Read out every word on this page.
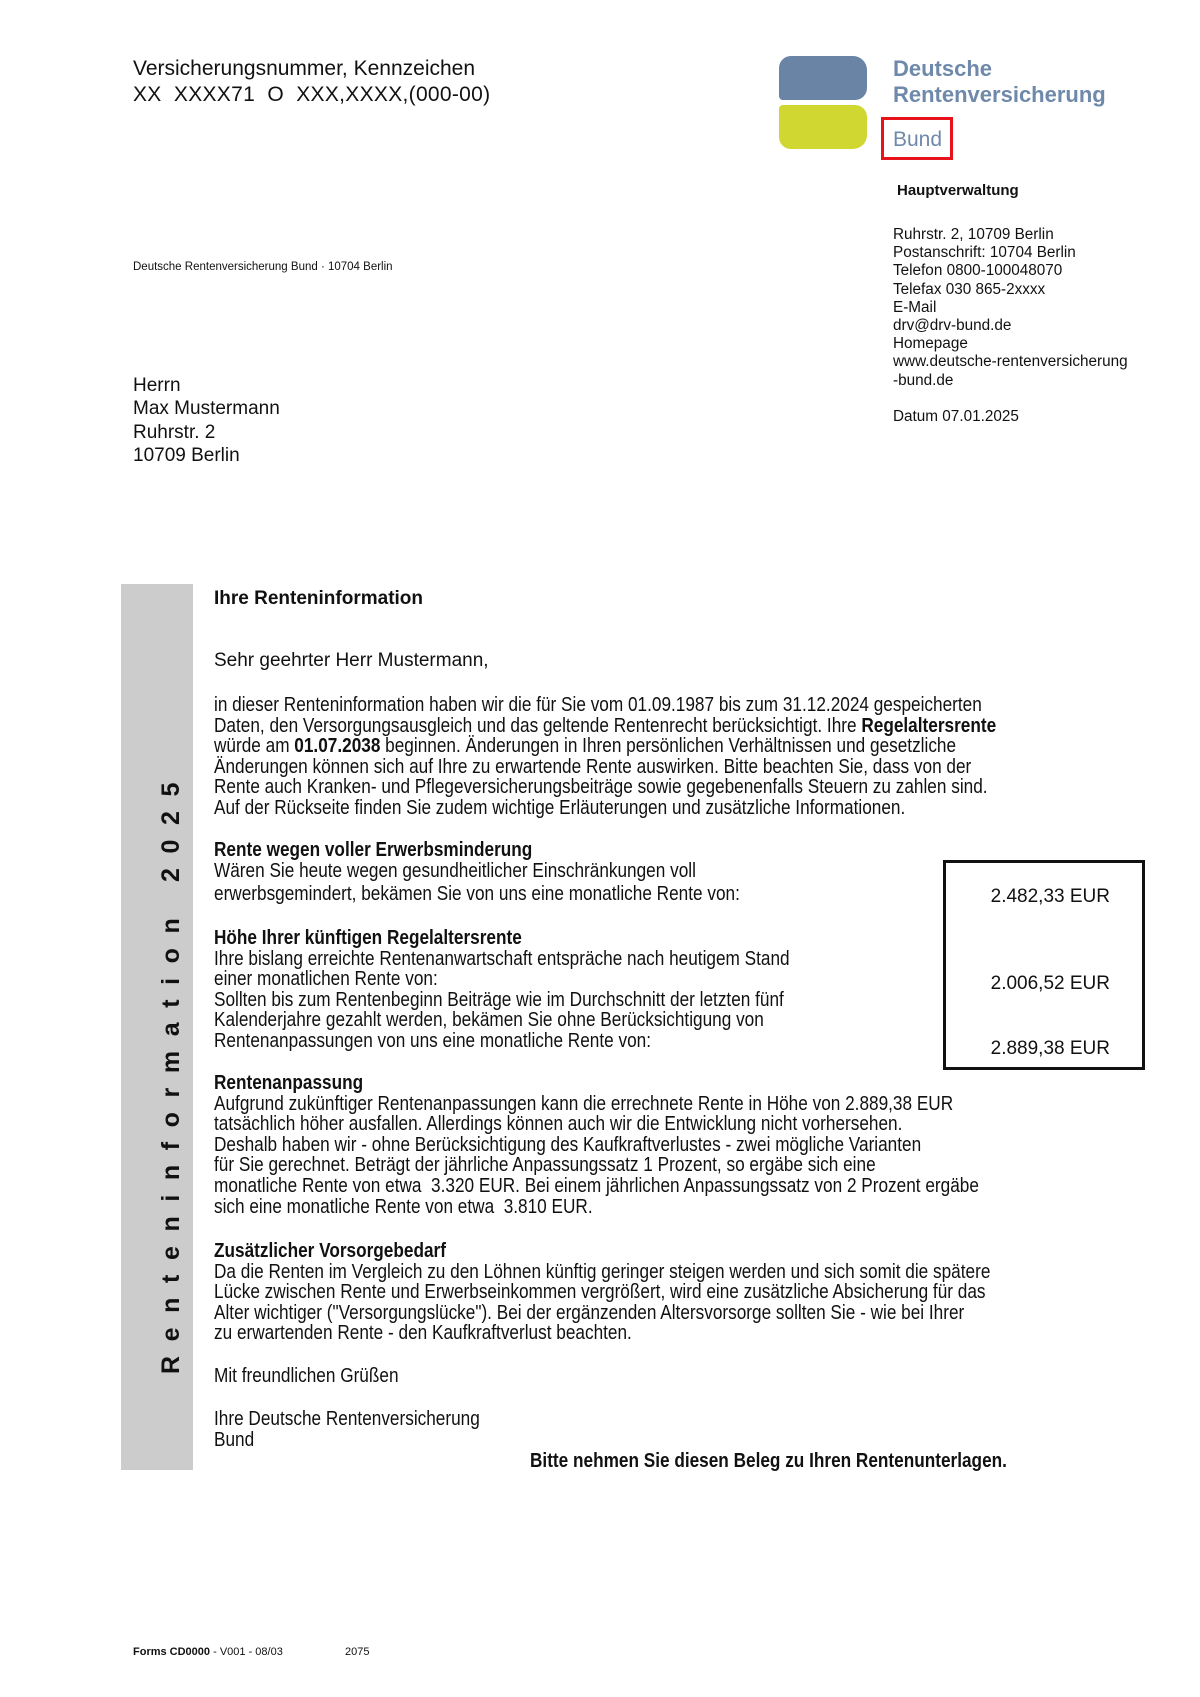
Versicherungsnummer, Kennzeichen
XX  XXXX71  O  XXX,XXXX,(000-00)
Deutsche
Rentenversicherung
Bund
Hauptverwaltung
Ruhrstr. 2, 10709 Berlin
Postanschrift: 10704 Berlin
Telefon 0800-100048070
Telefax 030 865-2xxxx
E-Mail
drv@drv-bund.de
Homepage
www.deutsche-rentenversicherung
-bund.de
Datum 07.01.2025
Deutsche Rentenversicherung Bund · 10704 Berlin
Herrn
Max Mustermann
Ruhrstr. 2
10709 Berlin
Renteninformation 2025
Ihre Renteninformation
Sehr geehrter Herr Mustermann,
in dieser Renteninformation haben wir die für Sie vom 01.09.1987 bis zum 31.12.2024 gespeicherten
Daten, den Versorgungsausgleich und das geltende Rentenrecht berücksichtigt. Ihre Regelaltersrente
würde am 01.07.2038 beginnen. Änderungen in Ihren persönlichen Verhältnissen und gesetzliche
Änderungen können sich auf Ihre zu erwartende Rente auswirken. Bitte beachten Sie, dass von der
Rente auch Kranken- und Pflegeversicherungsbeiträge sowie gegebenenfalls Steuern zu zahlen sind.
Auf der Rückseite finden Sie zudem wichtige Erläuterungen und zusätzliche Informationen.
Rente wegen voller Erwerbsminderung
Wären Sie heute wegen gesundheitlicher Einschränkungen voll
erwerbsgemindert, bekämen Sie von uns eine monatliche Rente von:
Höhe Ihrer künftigen Regelaltersrente
Ihre bislang erreichte Rentenanwartschaft entspräche nach heutigem Stand
einer monatlichen Rente von:
Sollten bis zum Rentenbeginn Beiträge wie im Durchschnitt der letzten fünf
Kalenderjahre gezahlt werden, bekämen Sie ohne Berücksichtigung von
Rentenanpassungen von uns eine monatliche Rente von:
Rentenanpassung
Aufgrund zukünftiger Rentenanpassungen kann die errechnete Rente in Höhe von 2.889,38 EUR
tatsächlich höher ausfallen. Allerdings können auch wir die Entwicklung nicht vorhersehen.
Deshalb haben wir - ohne Berücksichtigung des Kaufkraftverlustes - zwei mögliche Varianten
für Sie gerechnet. Beträgt der jährliche Anpassungssatz 1 Prozent, so ergäbe sich eine
monatliche Rente von etwa  3.320 EUR. Bei einem jährlichen Anpassungssatz von 2 Prozent ergäbe
sich eine monatliche Rente von etwa  3.810 EUR.
Zusätzlicher Vorsorgebedarf
Da die Renten im Vergleich zu den Löhnen künftig geringer steigen werden und sich somit die spätere
Lücke zwischen Rente und Erwerbseinkommen vergrößert, wird eine zusätzliche Absicherung für das
Alter wichtiger ("Versorgungslücke"). Bei der ergänzenden Altersvorsorge sollten Sie - wie bei Ihrer
zu erwartenden Rente - den Kaufkraftverlust beachten.
Mit freundlichen Grüßen
Ihre Deutsche Rentenversicherung
Bund
Bitte nehmen Sie diesen Beleg zu Ihren Rentenunterlagen.
2.482,33 EUR
2.006,52 EUR
2.889,38 EUR
Forms CD0000 - V001 - 08/03	2075
